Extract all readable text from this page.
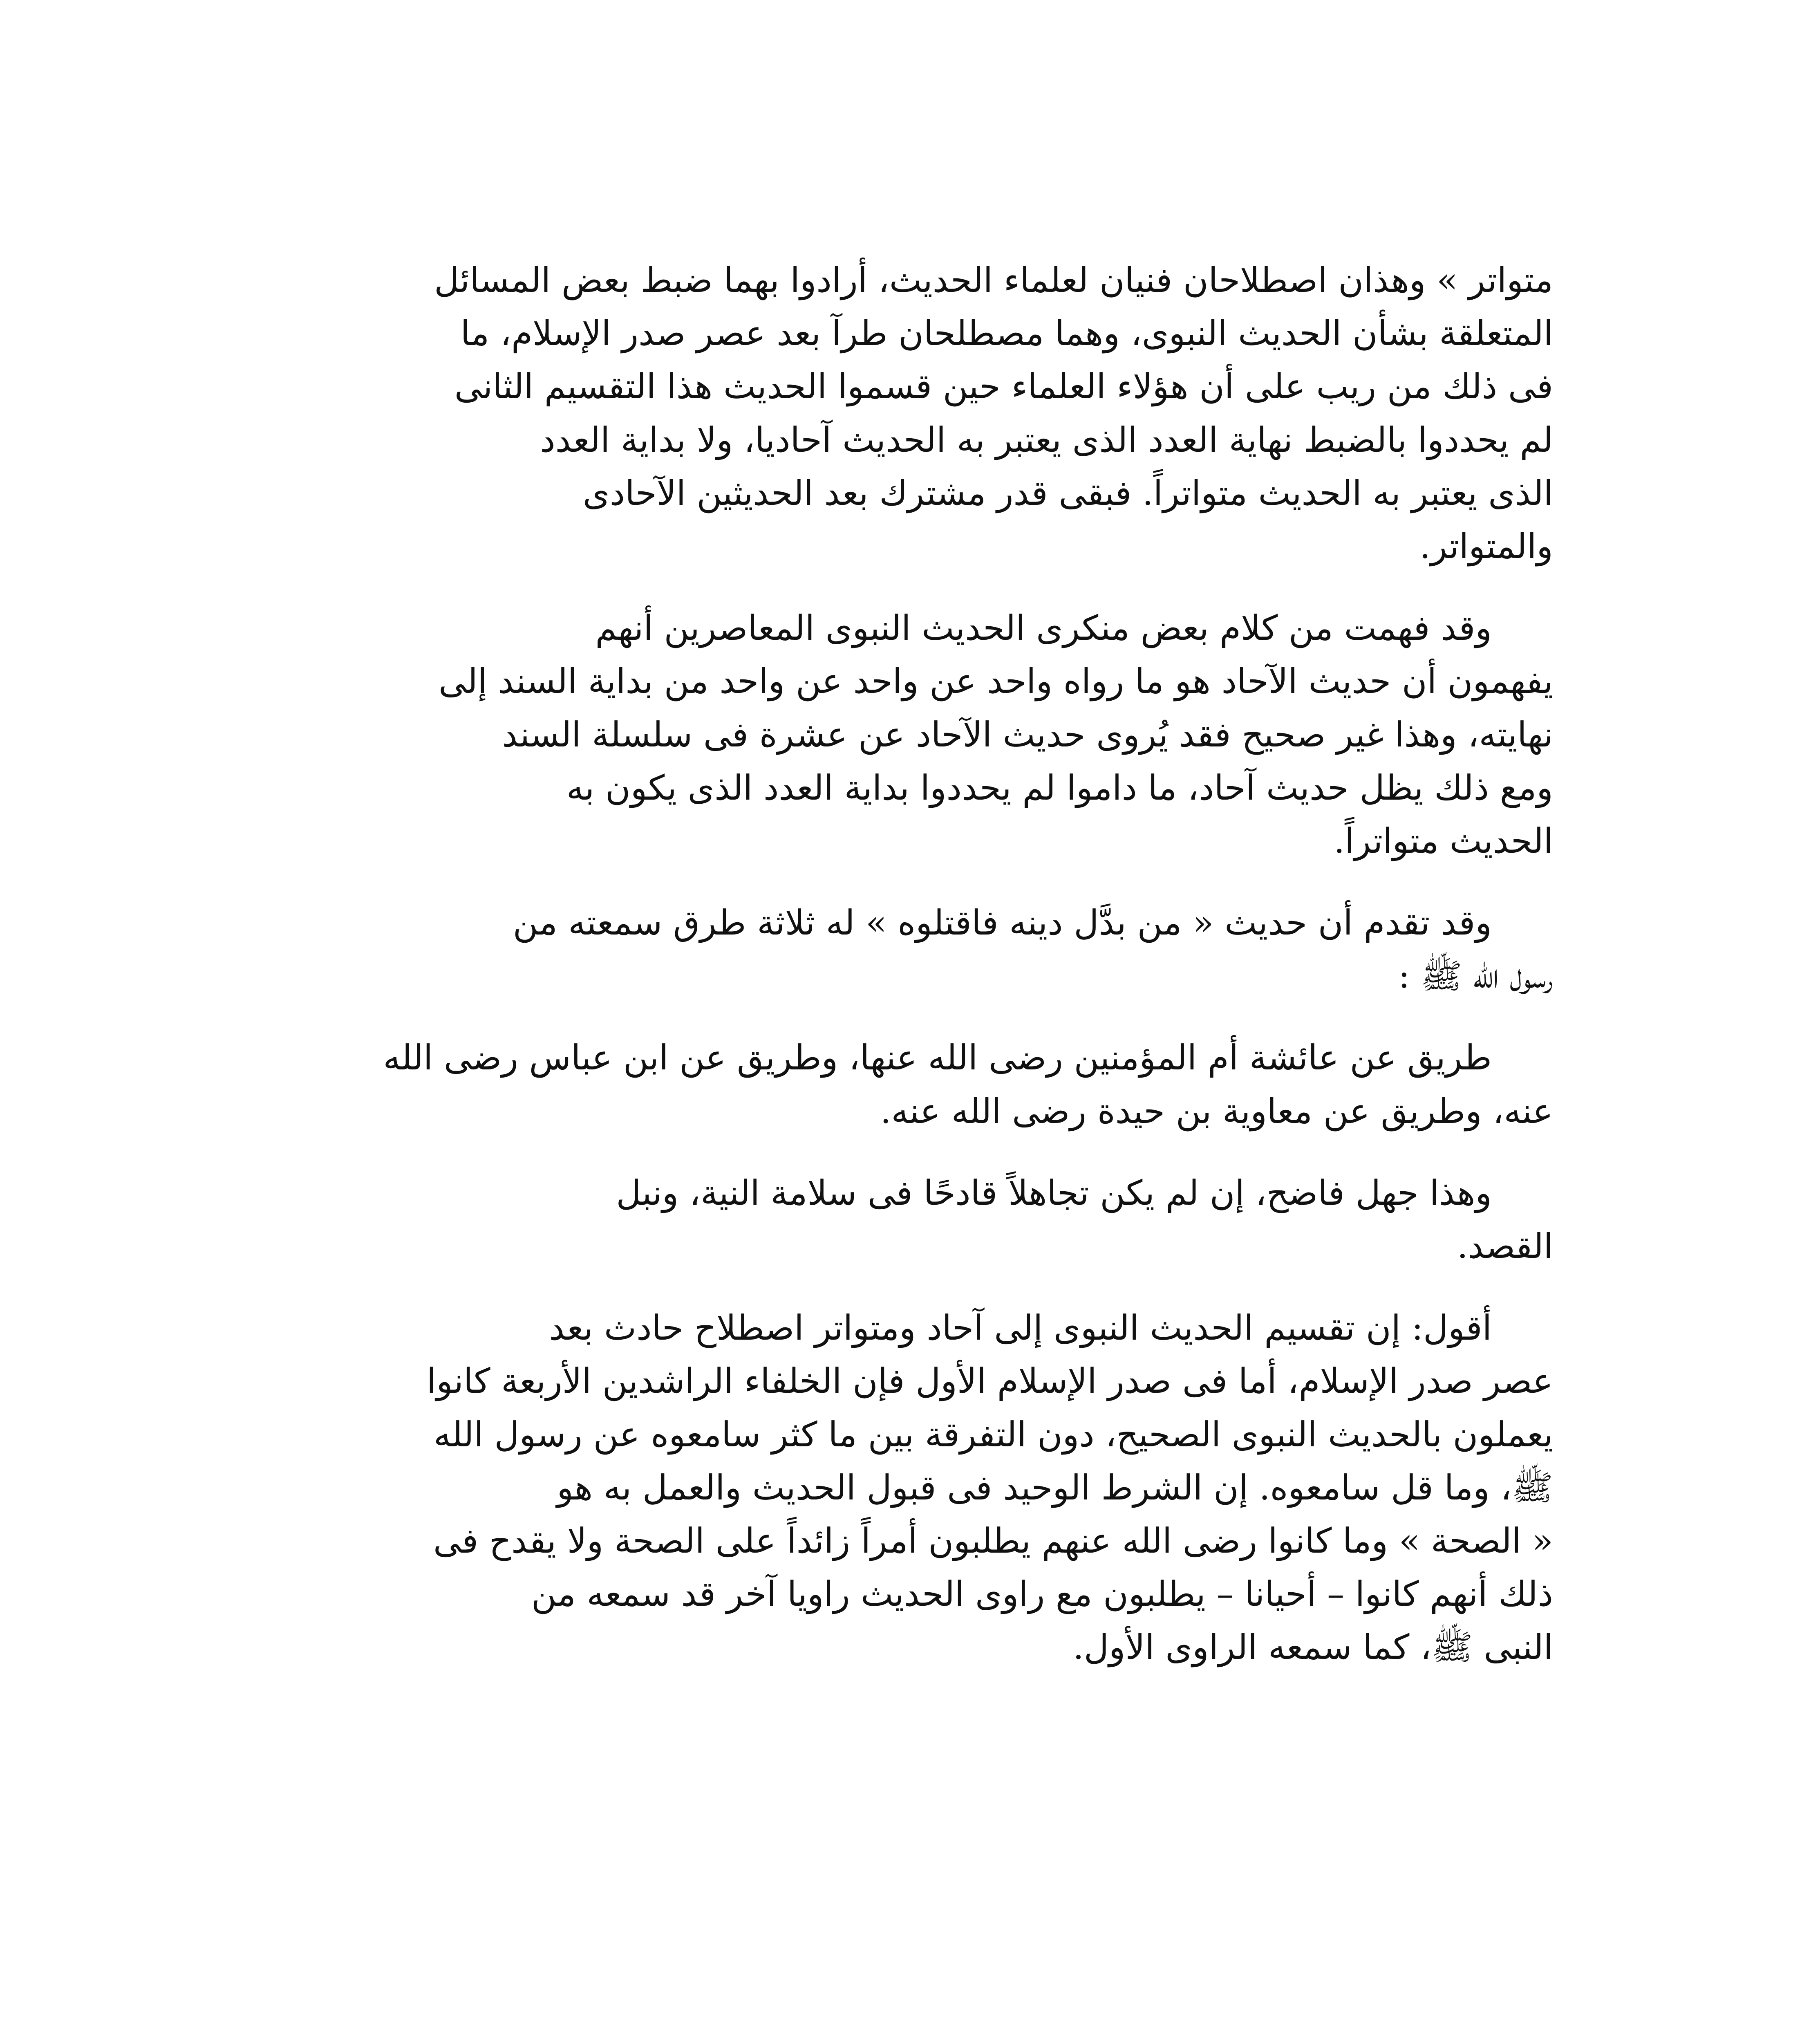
متواتر » وهذان اصطلاحان فنيان لعلماء الحديث، أرادوا بهما ضبط بعض المسائل
المتعلقة بشأن الحديث النبوى، وهما مصطلحان طرآ بعد عصر صدر الإسلام، ما
فى ذلك من ريب على أن هؤلاء العلماء حين قسموا الحديث هذا التقسيم الثانى
لم يحددوا بالضبط نهاية العدد الذى يعتبر به الحديث آحاديا، ولا بداية العدد
الذى يعتبر به الحديث متواتراً. فبقى قدر مشترك بعد الحديثين الآحادى
والمتواتر.

وقد فهمت من كلام بعض منكرى الحديث النبوى المعاصرين أنهم
يفهمون أن حديث الآحاد هو ما رواه واحد عن واحد عن واحد من بداية السند إلى
نهايته، وهذا غير صحيح فقد يُروى حديث الآحاد عن عشرة فى سلسلة السند
ومع ذلك يظل حديث آحاد، ما داموا لم يحددوا بداية العدد الذى يكون به
الحديث متواتراً.

وقد تقدم أن حديث « من بدَّل دينه فاقتلوه » له ثلاثة طرق سمعته من
رسول الله ﷺ :

طريق عن عائشة أم المؤمنين رضى الله عنها، وطريق عن ابن عباس رضى الله
عنه، وطريق عن معاوية بن حيدة رضى الله عنه.

وهذا جهل فاضح، إن لم يكن تجاهلاً قادحًا فى سلامة النية، ونبل
القصد.

أقول: إن تقسيم الحديث النبوى إلى آحاد ومتواتر اصطلاح حادث بعد
عصر صدر الإسلام، أما فى صدر الإسلام الأول فإن الخلفاء الراشدين الأربعة كانوا
يعملون بالحديث النبوى الصحيح، دون التفرقة بين ما كثر سامعوه عن رسول الله
ﷺ، وما قل سامعوه. إن الشرط الوحيد فى قبول الحديث والعمل به هو
« الصحة » وما كانوا رضى الله عنهم يطلبون أمراً زائداً على الصحة ولا يقدح فى
ذلك أنهم كانوا – أحيانا – يطلبون مع راوى الحديث راويا آخر قد سمعه من
النبى ﷺ، كما سمعه الراوى الأول.
